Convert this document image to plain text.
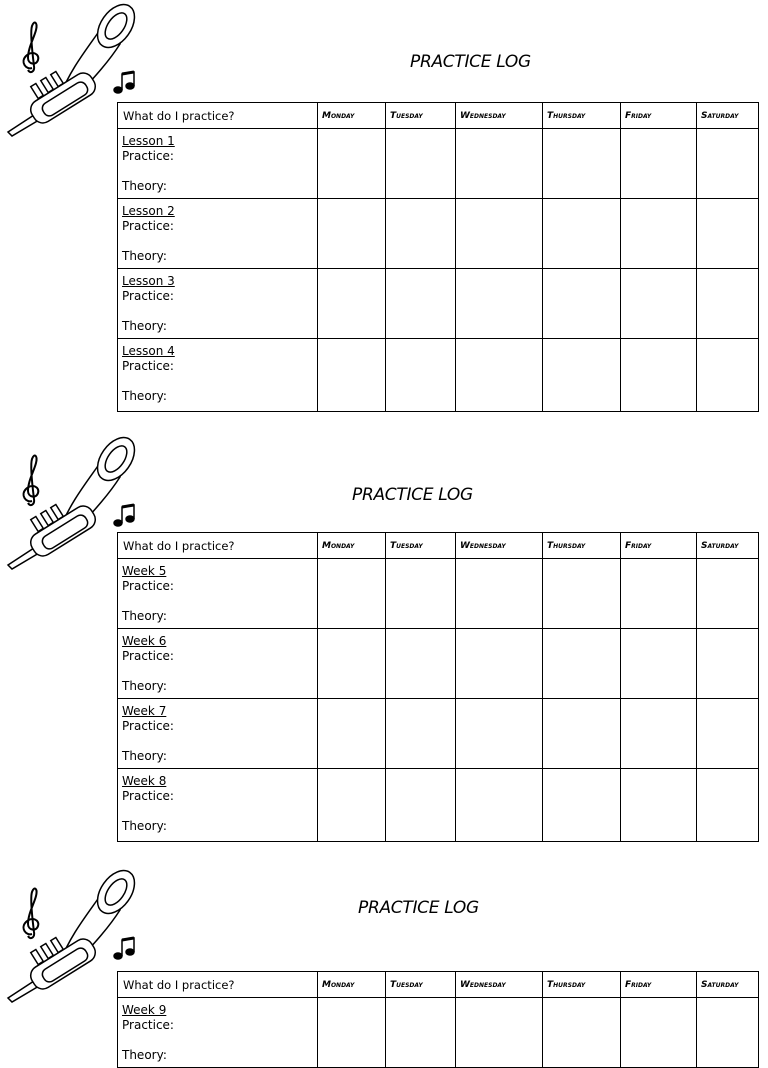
PRACTICE LOG
What do I practice?	Monday	Tuesday	Wednesday	Thursday	Friday	Saturday

Lesson 1
Practice:
Theory:						

Lesson 2
Practice:
Theory:						

Lesson 3
Practice:
Theory:						

Lesson 4
Practice:
Theory:						

PRACTICE LOG
What do I practice?	Monday	Tuesday	Wednesday	Thursday	Friday	Saturday

Week 5
Practice:
Theory:						

Week 6
Practice:
Theory:						

Week 7
Practice:
Theory:						

Week 8
Practice:
Theory:						

PRACTICE LOG
What do I practice?	Monday	Tuesday	Wednesday	Thursday	Friday	Saturday

Week 9
Practice:
Theory:						
